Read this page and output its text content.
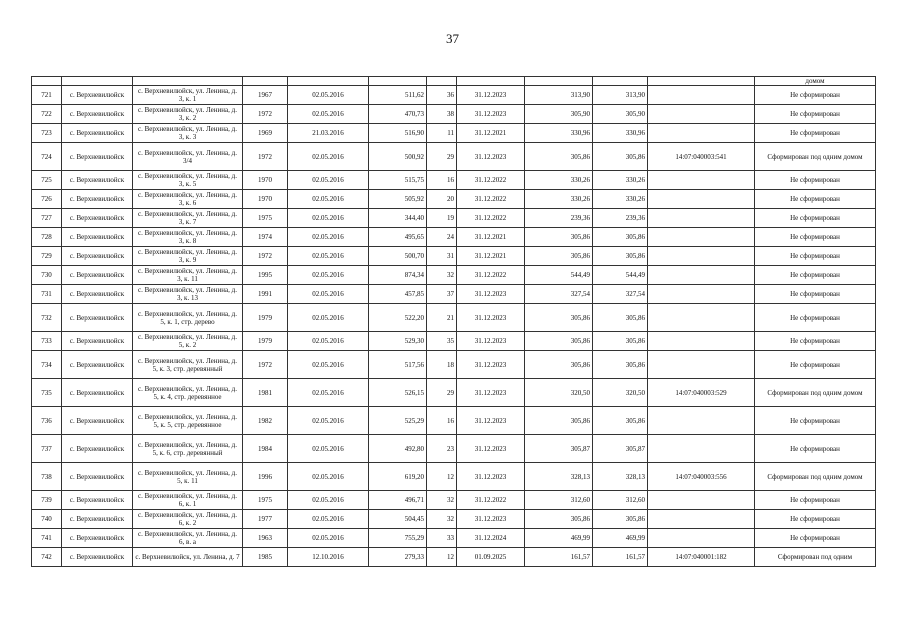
37
											домом
721	с. Верхневилюйск	с. Верхневилюйск, ул. Ленина, д. 3, к. 1	1967	02.05.2016	511,62	36	31.12.2023	313,90	313,90		Не сформирован
722	с. Верхневилюйск	с. Верхневилюйск, ул. Ленина, д. 3, к. 2	1972	02.05.2016	470,73	38	31.12.2023	305,90	305,90		Не сформирован
723	с. Верхневилюйск	с. Верхневилюйск, ул. Ленина, д. 3, к. 3	1969	21.03.2016	516,90	11	31.12.2021	330,96	330,96		Не сформирован
724	с. Верхневилюйск	с. Верхневилюйск, ул. Ленина, д. 3/4	1972	02.05.2016	500,92	29	31.12.2023	305,86	305,86	14:07:040003:541	Сформирован под одним домом
725	с. Верхневилюйск	с. Верхневилюйск, ул. Ленина, д. 3, к. 5	1970	02.05.2016	515,75	16	31.12.2022	330,26	330,26		Не сформирован
726	с. Верхневилюйск	с. Верхневилюйск, ул. Ленина, д. 3, к. 6	1970	02.05.2016	505,92	20	31.12.2022	330,26	330,26		Не сформирован
727	с. Верхневилюйск	с. Верхневилюйск, ул. Ленина, д. 3, к. 7	1975	02.05.2016	344,40	19	31.12.2022	239,36	239,36		Не сформирован
728	с. Верхневилюйск	с. Верхневилюйск, ул. Ленина, д. 3, к. 8	1974	02.05.2016	495,65	24	31.12.2021	305,86	305,86		Не сформирован
729	с. Верхневилюйск	с. Верхневилюйск, ул. Ленина, д. 3, к. 9	1972	02.05.2016	500,70	31	31.12.2021	305,86	305,86		Не сформирован
730	с. Верхневилюйск	с. Верхневилюйск, ул. Ленина, д. 3, к. 11	1995	02.05.2016	874,34	32	31.12.2022	544,49	544,49		Не сформирован
731	с. Верхневилюйск	с. Верхневилюйск, ул. Ленина, д. 3, к. 13	1991	02.05.2016	457,85	37	31.12.2023	327,54	327,54		Не сформирован
732	с. Верхневилюйск	с. Верхневилюйск, ул. Ленина, д. 5, к. 1, стр. дерево	1979	02.05.2016	522,20	21	31.12.2023	305,86	305,86		Не сформирован
733	с. Верхневилюйск	с. Верхневилюйск, ул. Ленина, д. 5, к. 2	1979	02.05.2016	529,30	35	31.12.2023	305,86	305,86		Не сформирован
734	с. Верхневилюйск	с. Верхневилюйск, ул. Ленина, д. 5, к. 3, стр. деревянный	1972	02.05.2016	517,56	18	31.12.2023	305,86	305,86		Не сформирован
735	с. Верхневилюйск	с. Верхневилюйск, ул. Ленина, д. 5, к. 4, стр. деревянное	1981	02.05.2016	526,15	29	31.12.2023	320,50	320,50	14:07:040003:529	Сформирован под одним домом
736	с. Верхневилюйск	с. Верхневилюйск, ул. Ленина, д. 5, к. 5, стр. деревянное	1982	02.05.2016	525,29	16	31.12.2023	305,86	305,86		Не сформирован
737	с. Верхневилюйск	с. Верхневилюйск, ул. Ленина, д. 5, к. 6, стр. деревянный	1984	02.05.2016	492,80	23	31.12.2023	305,87	305,87		Не сформирован
738	с. Верхневилюйск	с. Верхневилюйск, ул. Ленина, д. 5, к. 11	1996	02.05.2016	619,20	12	31.12.2023	328,13	328,13	14:07:040003:556	Сформирован под одним домом
739	с. Верхневилюйск	с. Верхневилюйск, ул. Ленина, д. 6, к. 1	1975	02.05.2016	496,71	32	31.12.2022	312,60	312,60		Не сформирован
740	с. Верхневилюйск	с. Верхневилюйск, ул. Ленина, д. 6, к. 2	1977	02.05.2016	504,45	32	31.12.2023	305,86	305,86		Не сформирован
741	с. Верхневилюйск	с. Верхневилюйск, ул. Ленина, д. 6, в. а	1963	02.05.2016	755,29	33	31.12.2024	469,99	469,99		Не сформирован
742	с. Верхневилюйск	с. Верхневилюйск, ул. Ленина, д. 7	1985	12.10.2016	279,33	12	01.09.2025	161,57	161,57	14:07:040001:182	Сформирован под одним
